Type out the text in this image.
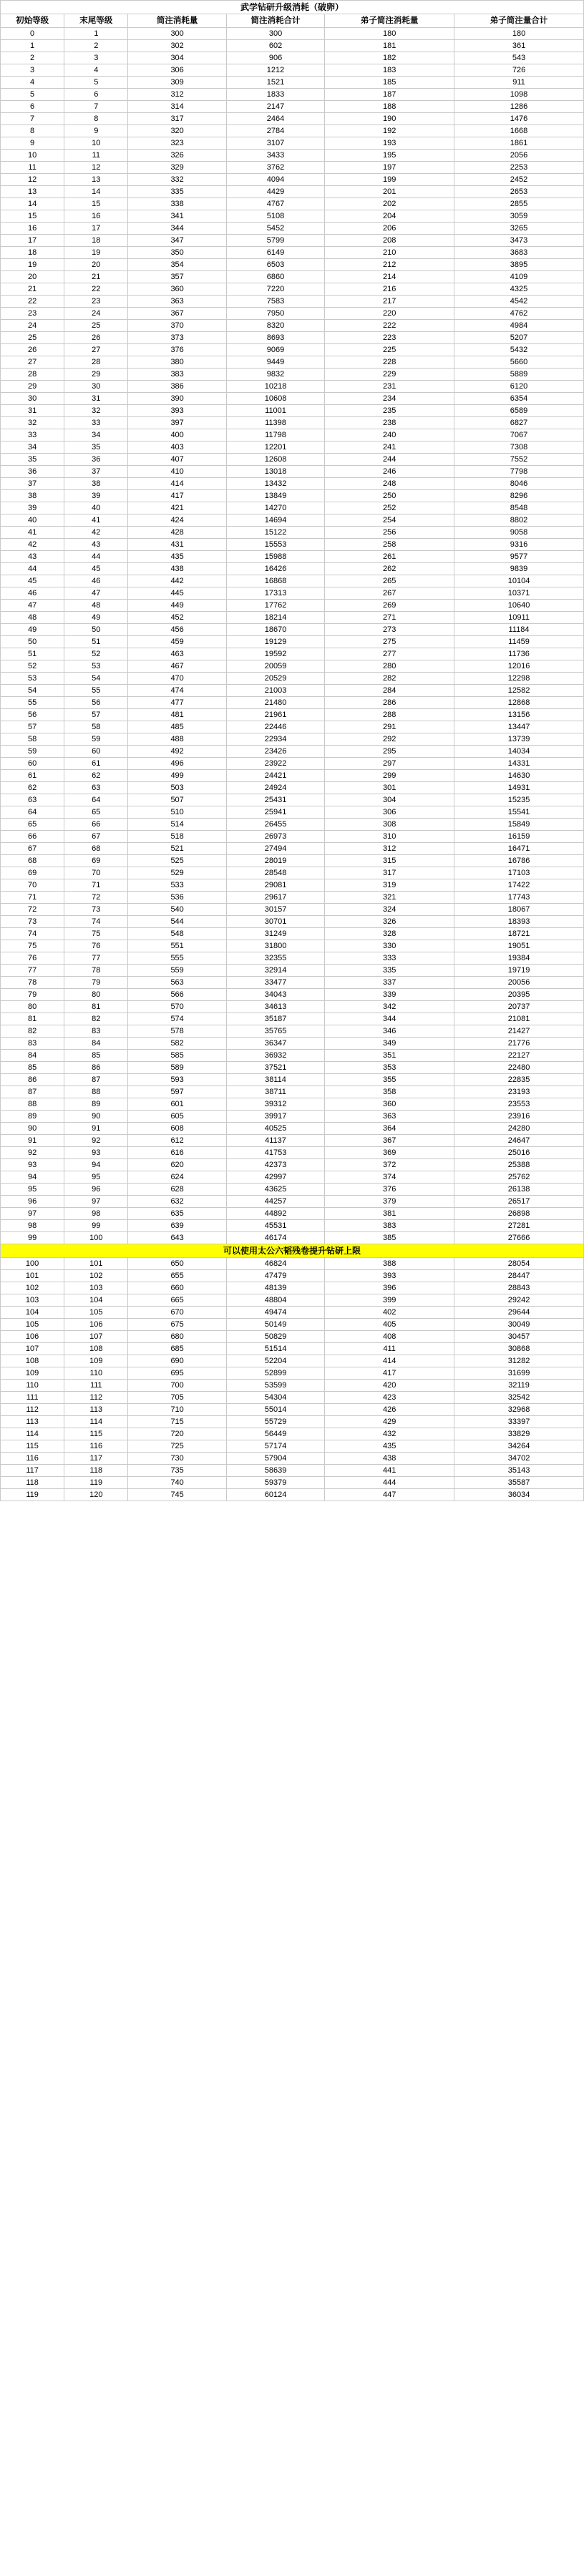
武学钻研升级消耗（破卵）					
初始等级	末尾等级	简注消耗量	简注消耗合计	弟子简注消耗量	弟子简注量合计
0	1	300	300	180	180
1	2	302	602	181	361
2	3	304	906	182	543
3	4	306	1212	183	726
4	5	309	1521	185	911
5	6	312	1833	187	1098
6	7	314	2147	188	1286
7	8	317	2464	190	1476
8	9	320	2784	192	1668
9	10	323	3107	193	1861
10	11	326	3433	195	2056
11	12	329	3762	197	2253
12	13	332	4094	199	2452
13	14	335	4429	201	2653
14	15	338	4767	202	2855
15	16	341	5108	204	3059
16	17	344	5452	206	3265
17	18	347	5799	208	3473
18	19	350	6149	210	3683
19	20	354	6503	212	3895
20	21	357	6860	214	4109
21	22	360	7220	216	4325
22	23	363	7583	217	4542
23	24	367	7950	220	4762
24	25	370	8320	222	4984
25	26	373	8693	223	5207
26	27	376	9069	225	5432
27	28	380	9449	228	5660
28	29	383	9832	229	5889
29	30	386	10218	231	6120
30	31	390	10608	234	6354
31	32	393	11001	235	6589
32	33	397	11398	238	6827
33	34	400	11798	240	7067
34	35	403	12201	241	7308
35	36	407	12608	244	7552
36	37	410	13018	246	7798
37	38	414	13432	248	8046
38	39	417	13849	250	8296
39	40	421	14270	252	8548
40	41	424	14694	254	8802
41	42	428	15122	256	9058
42	43	431	15553	258	9316
43	44	435	15988	261	9577
44	45	438	16426	262	9839
45	46	442	16868	265	10104
46	47	445	17313	267	10371
47	48	449	17762	269	10640
48	49	452	18214	271	10911
49	50	456	18670	273	11184
50	51	459	19129	275	11459
51	52	463	19592	277	11736
52	53	467	20059	280	12016
53	54	470	20529	282	12298
54	55	474	21003	284	12582
55	56	477	21480	286	12868
56	57	481	21961	288	13156
57	58	485	22446	291	13447
58	59	488	22934	292	13739
59	60	492	23426	295	14034
60	61	496	23922	297	14331
61	62	499	24421	299	14630
62	63	503	24924	301	14931
63	64	507	25431	304	15235
64	65	510	25941	306	15541
65	66	514	26455	308	15849
66	67	518	26973	310	16159
67	68	521	27494	312	16471
68	69	525	28019	315	16786
69	70	529	28548	317	17103
70	71	533	29081	319	17422
71	72	536	29617	321	17743
72	73	540	30157	324	18067
73	74	544	30701	326	18393
74	75	548	31249	328	18721
75	76	551	31800	330	19051
76	77	555	32355	333	19384
77	78	559	32914	335	19719
78	79	563	33477	337	20056
79	80	566	34043	339	20395
80	81	570	34613	342	20737
81	82	574	35187	344	21081
82	83	578	35765	346	21427
83	84	582	36347	349	21776
84	85	585	36932	351	22127
85	86	589	37521	353	22480
86	87	593	38114	355	22835
87	88	597	38711	358	23193
88	89	601	39312	360	23553
89	90	605	39917	363	23916
90	91	608	40525	364	24280
91	92	612	41137	367	24647
92	93	616	41753	369	25016
93	94	620	42373	372	25388
94	95	624	42997	374	25762
95	96	628	43625	376	26138
96	97	632	44257	379	26517
97	98	635	44892	381	26898
98	99	639	45531	383	27281
99	100	643	46174	385	27666
可以使用太公六韬残卷提升钻研上限					
100	101	650	46824	388	28054
101	102	655	47479	393	28447
102	103	660	48139	396	28843
103	104	665	48804	399	29242
104	105	670	49474	402	29644
105	106	675	50149	405	30049
106	107	680	50829	408	30457
107	108	685	51514	411	30868
108	109	690	52204	414	31282
109	110	695	52899	417	31699
110	111	700	53599	420	32119
111	112	705	54304	423	32542
112	113	710	55014	426	32968
113	114	715	55729	429	33397
114	115	720	56449	432	33829
115	116	725	57174	435	34264
116	117	730	57904	438	34702
117	118	735	58639	441	35143
118	119	740	59379	444	35587
119	120	745	60124	447	36034
